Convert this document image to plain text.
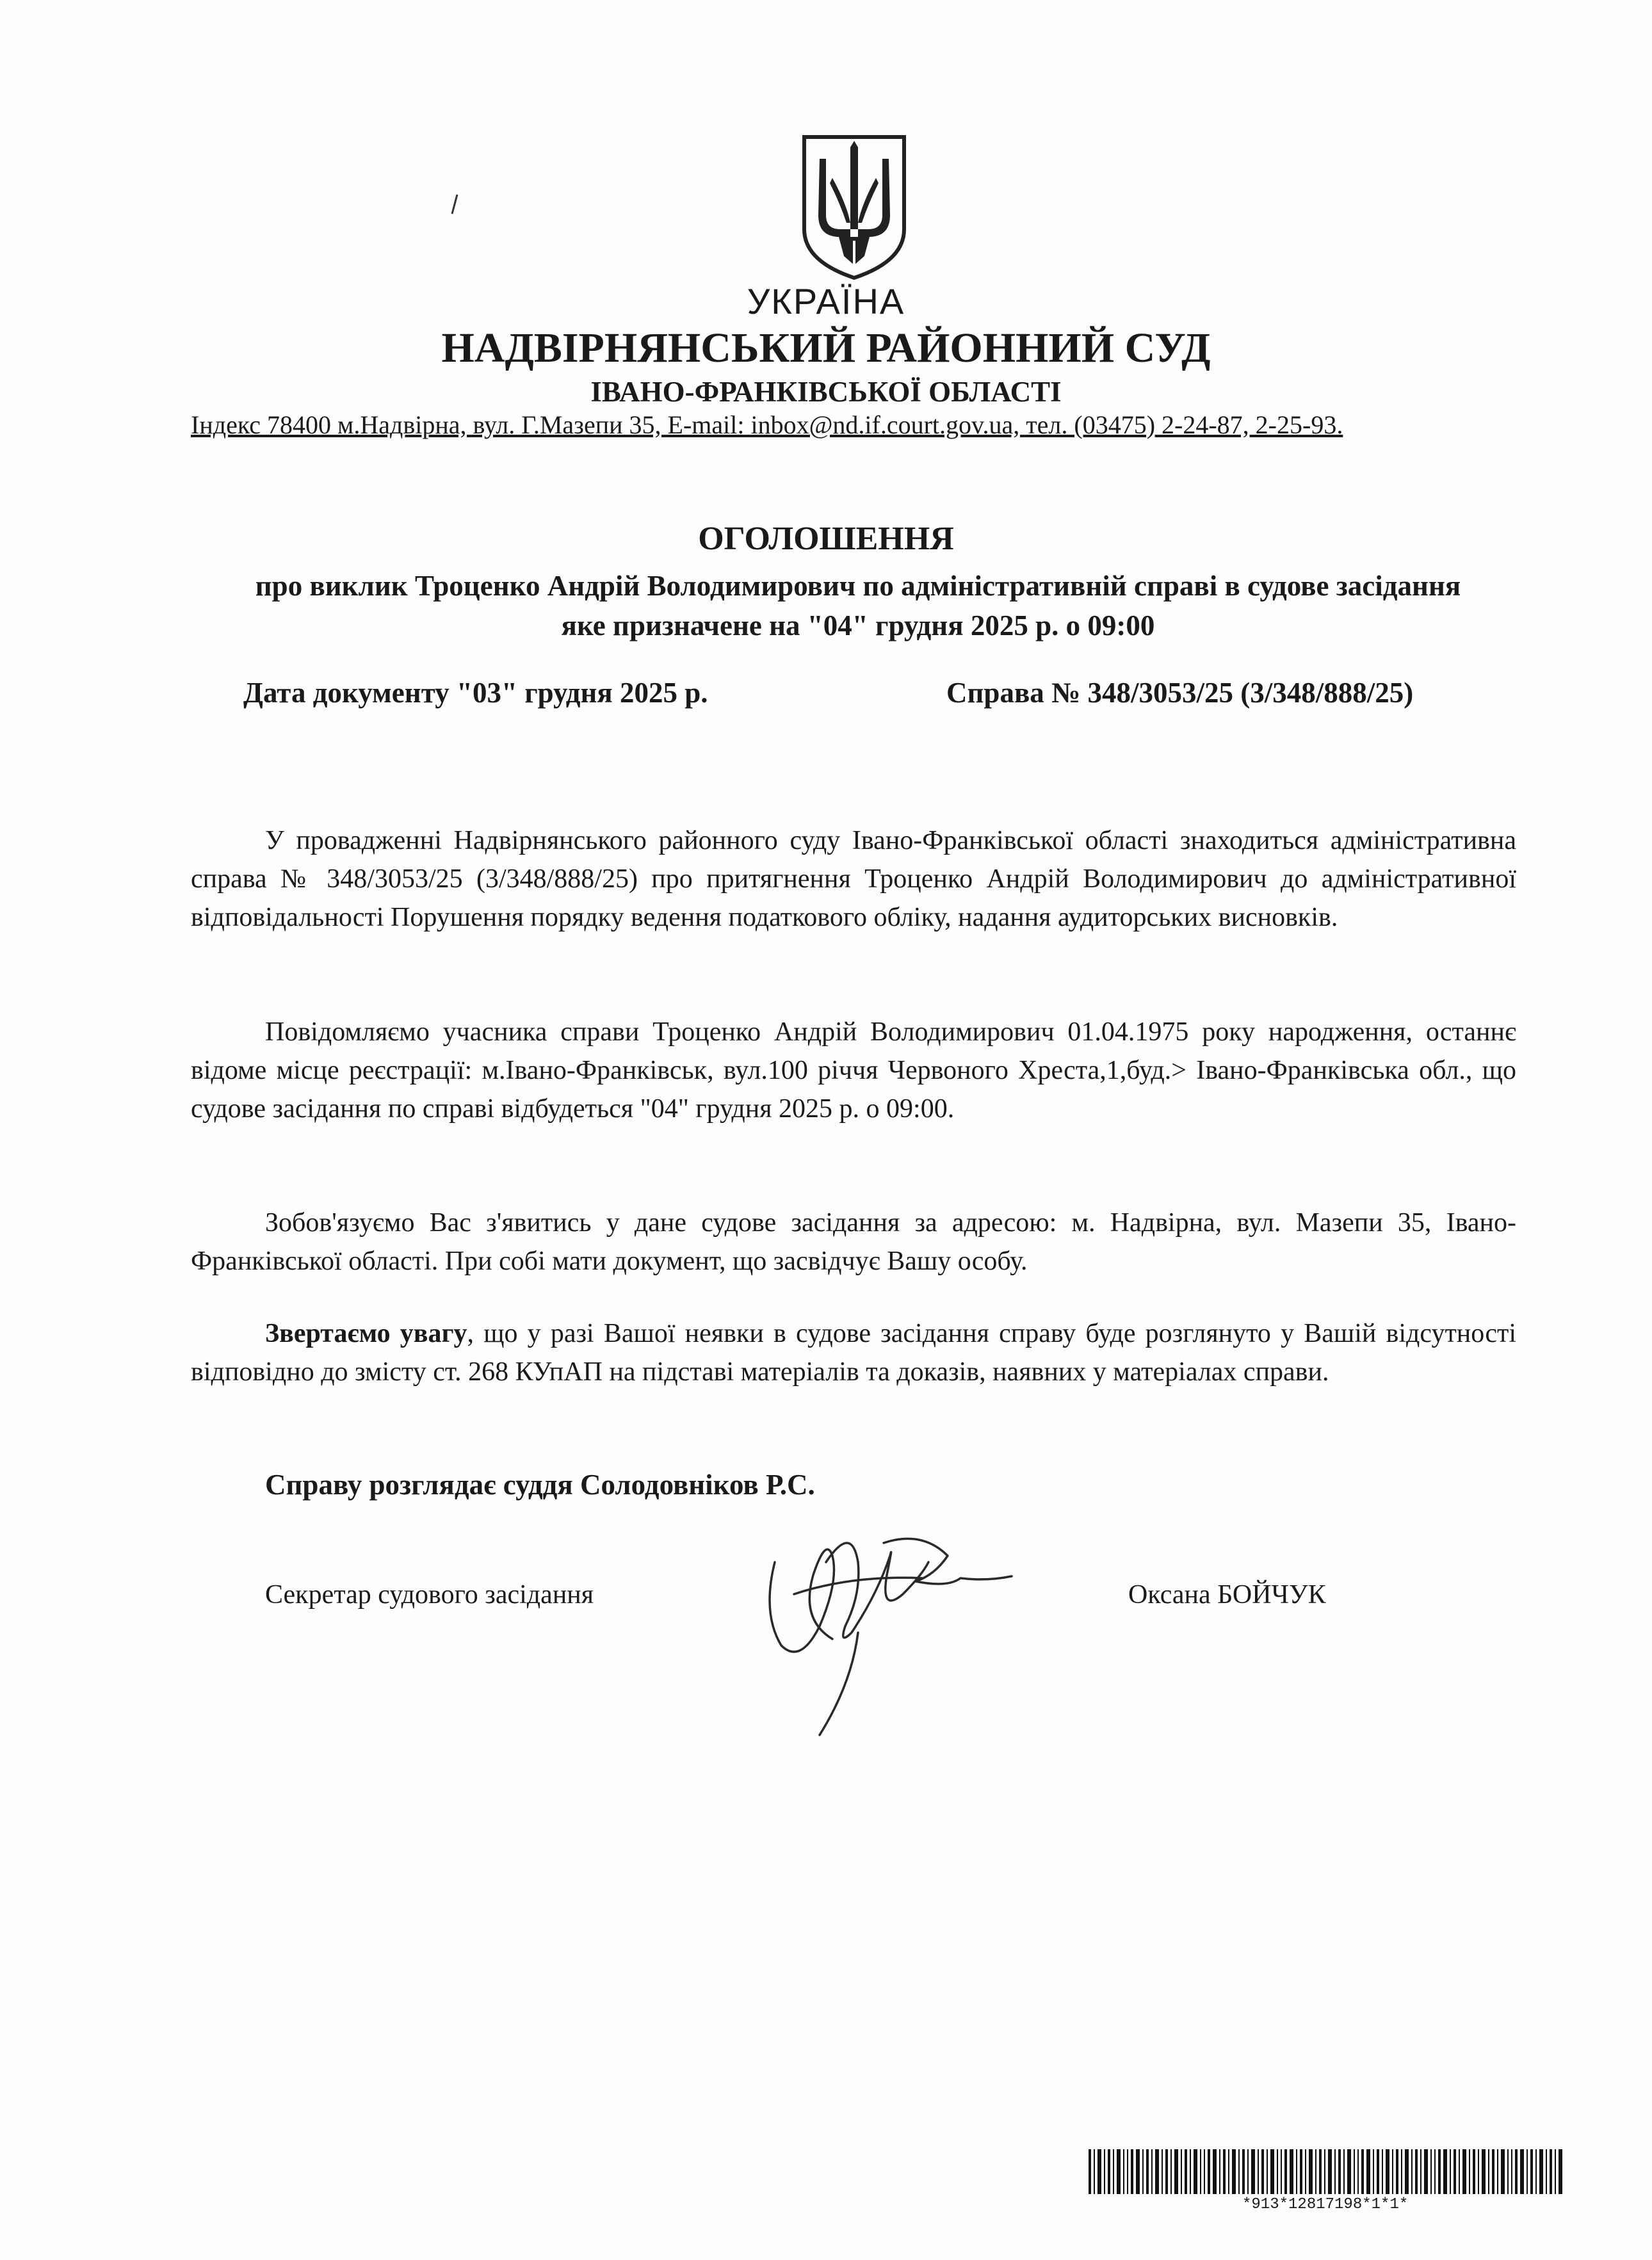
УКРАЇНА
НАДВІРНЯНСЬКИЙ РАЙОННИЙ СУД
ІВАНО-ФРАНКІВСЬКОЇ ОБЛАСТІ
Індекс 78400 м.Надвірна, вул. Г.Мазепи 35, E-mail: inbox@nd.if.court.gov.ua, тел. (03475) 2-24-87, 2-25-93.
ОГОЛОШЕННЯ
про виклик Троценко Андрій Володимирович по адміністративній справі в судове засідання яке призначене на "04" грудня 2025 р. о 09:00
Дата документу "03" грудня 2025 р.	Справа № 348/3053/25 (3/348/888/25)
У провадженні Надвірнянського районного суду Івано-Франківської області знаходиться адміністративна справа № 348/3053/25 (3/348/888/25) про притягнення Троценко Андрій Володимирович до адміністративної відповідальності Порушення порядку ведення податкового обліку, надання аудиторських висновків.
Повідомляємо учасника справи Троценко Андрій Володимирович 01.04.1975 року народження, останнє відоме місце реєстрації: м.Івано-Франківськ, вул.100 річчя Червоного Хреста,1,буд.> Івано-Франківська обл., що судове засідання по справі відбудеться "04" грудня 2025 р. о 09:00.
Зобов'язуємо Вас з'явитись у дане судове засідання за адресою: м. Надвірна, вул. Мазепи 35, Івано-Франківської області. При собі мати документ, що засвідчує Вашу особу.
Звертаємо увагу, що у разі Вашої неявки в судове засідання справу буде розглянуто у Вашій відсутності відповідно до змісту ст. 268 КУпАП на підставі матеріалів та доказів, наявних у матеріалах справи.
Справу розглядає суддя Солодовніков Р.С.
Секретар судового засідання	Оксана БОЙЧУК
*913*12817198*1*1*
